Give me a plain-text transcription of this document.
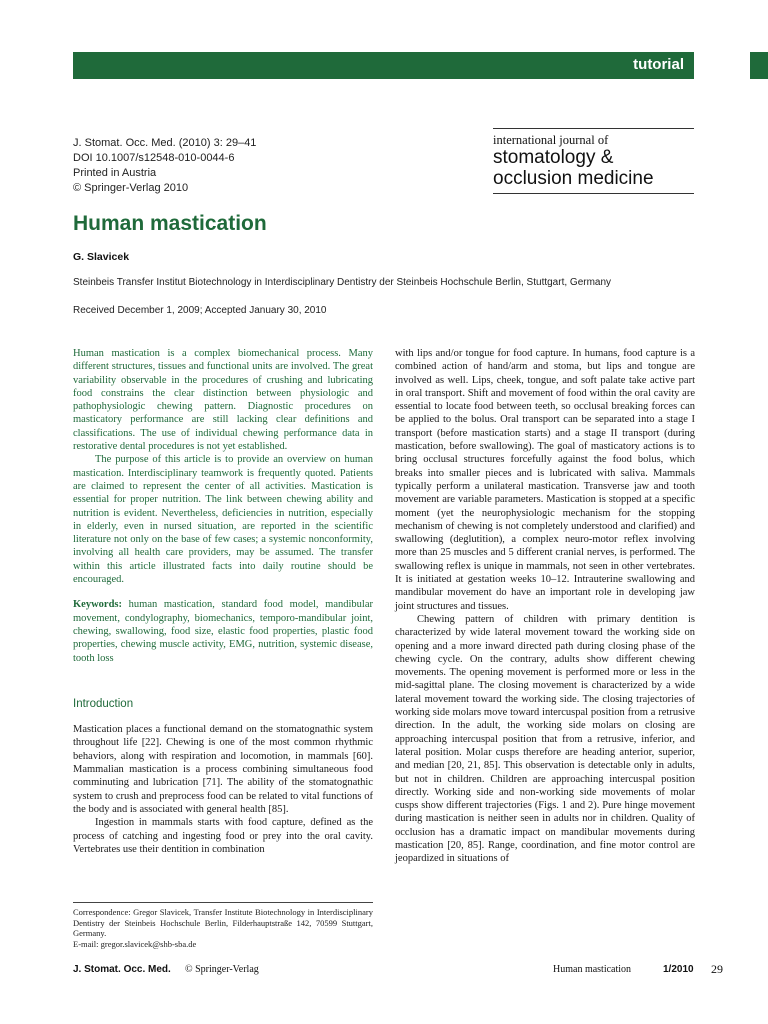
tutorial
J. Stomat. Occ. Med. (2010) 3: 29–41
DOI 10.1007/s12548-010-0044-6
Printed in Austria
© Springer-Verlag 2010
international journal of
stomatology &
occlusion medicine
Human mastication
G. Slavicek
Steinbeis Transfer Institut Biotechnology in Interdisciplinary Dentistry der Steinbeis Hochschule Berlin, Stuttgart, Germany
Received December 1, 2009; Accepted January 30, 2010

Human mastication is a complex biomechanical process. Many different structures, tissues and functional units are involved. The great variability observable in the procedures of crushing and lubricating food constrains the clear distinction between physiologic and pathophysiologic chewing pattern. Diagnostic procedures on masticatory performance are still lacking clear definitions and classifications. The use of individual chewing performance data in restorative dental procedures is not yet established.

The purpose of this article is to provide an overview on human mastication. Interdisciplinary teamwork is frequently quoted. Patients are claimed to represent the center of all activities. Mastication is essential for proper nutrition. The link between chewing ability and nutrition is evident. Nevertheless, deficiencies in nutrition, especially in elderly, even in nursed situation, are reported in the scientific literature not only on the base of few cases; a systemic nonconformity, involving all health care providers, may be assumed. The transfer within this article illustrated facts into daily routine should be encouraged.

Keywords: human mastication, standard food model, mandibular movement, condylography, biomechanics, temporo-mandibular joint, chewing, swallowing, food size, elastic food properties, plastic food properties, chewing muscle activity, EMG, nutrition, systemic disease, tooth loss
Introduction

Mastication places a functional demand on the stomatognathic system throughout life [22]. Chewing is one of the most common rhythmic behaviors, along with respiration and locomotion, in mammals [60]. Mammalian mastication is a process combining simultaneous food comminuting and lubrication [71]. The ability of the stomatognathic system to crush and preprocess food can be related to vital functions of the body and is associated with general health [85].

Ingestion in mammals starts with food capture, defined as the process of catching and ingesting food or prey into the oral cavity. Vertebrates use their dentition in combination

Correspondence: Gregor Slavicek, Transfer Institute Biotechnology in Interdisciplinary Dentistry der Steinbeis Hochschule Berlin, Filderhauptstraße 142, 70599 Stuttgart, Germany.
E-mail: gregor.slavicek@shb-sba.de

with lips and/or tongue for food capture. In humans, food capture is a combined action of hand/arm and stoma, but lips and tongue are involved as well. Lips, cheek, tongue, and soft palate take active part in oral transport. Shift and movement of food within the oral cavity are essential to locate food between teeth, so occlusal breaking forces can be applied to the bolus. Oral transport can be separated into a stage I transport (before mastication starts) and a stage II transport (during mastication, before swallowing). The goal of masticatory actions is to bring occlusal structures forcefully against the food bolus, which breaks into smaller pieces and is lubricated with saliva. Mammals typically perform a unilateral mastication. Transverse jaw and tooth movement are variable parameters. Mastication is stopped at a specific moment (yet the neurophysiologic mechanism for the stopping mechanism of chewing is not completely understood and clarified) and swallowing (deglutition), a complex neuro-motor reflex involving more than 25 muscles and 5 different cranial nerves, is performed. The swallowing reflex is unique in mammals, not seen in other vertebrates. It is initiated at gestation weeks 10–12. Intrauterine swallowing and mandibular movement do have an important role in developing jaw joint structures and tissues.

Chewing pattern of children with primary dentition is characterized by wide lateral movement toward the working side on opening and a more inward directed path during closing phase of the chewing cycle. On the contrary, adults show different chewing movements. The opening movement is performed more or less in the mid-sagittal plane. The closing movement is characterized by a wide lateral movement toward the working side. The closing trajectories of working side molars move toward intercuspal position from a retrusive direction. In the adult, the working side molars on closing are approaching intercuspal position that from a retrusive, inferior, and lateral position. Molar cusps therefore are heading anterior, superior, and median [20, 21, 85]. This observation is detectable only in adults, but not in children. Children are approaching intercuspal position directly. Working side and non-working side movements of molar cusps show different trajectories (Figs. 1 and 2). Pure hinge movement during mastication is neither seen in adults nor in children. Quality of occlusion has a dramatic impact on mandibular movements during mastication [20, 85]. Range, coordination, and fine motor control are jeopardized in situations of

J. Stomat. Occ. Med. © Springer-Verlag	Human mastication	1/2010 29
